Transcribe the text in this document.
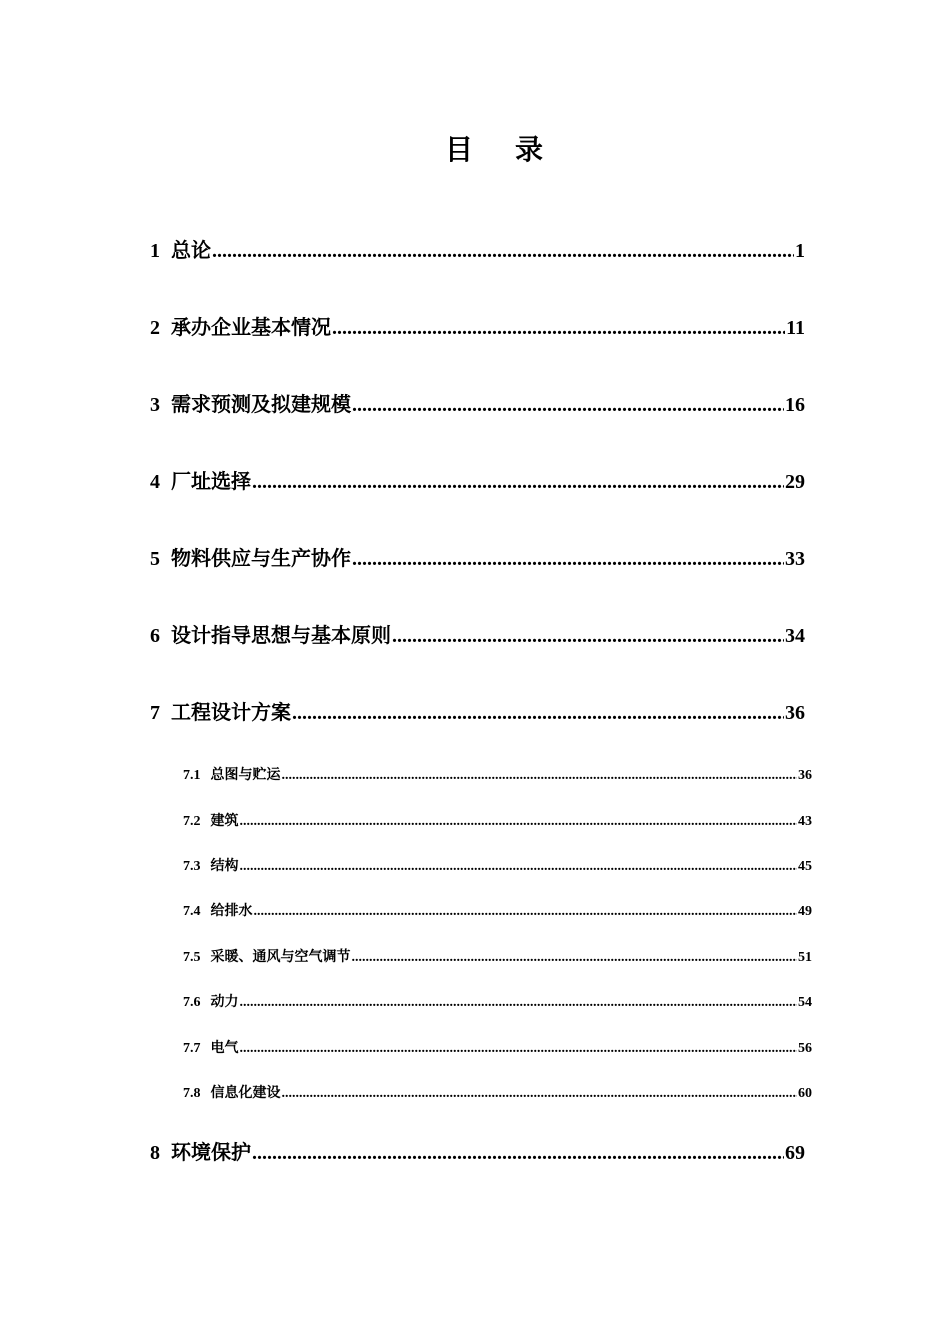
目 录
1 总论 .....	1
2 承办企业基本情况 .....	11
3 需求预测及拟建规模 .....	16
4 厂址选择 .....	29
5 物料供应与生产协作 .....	33
6 设计指导思想与基本原则 .....	34
7 工程设计方案 .....	36
7.1 总图与贮运 .....	36
7.2 建筑 .....	43
7.3 结构 .....	45
7.4 给排水 .....	49
7.5 采暖、通风与空气调节 .....	51
7.6 动力 .....	54
7.7 电气 .....	56
7.8 信息化建设 .....	60
8 环境保护 .....	69
